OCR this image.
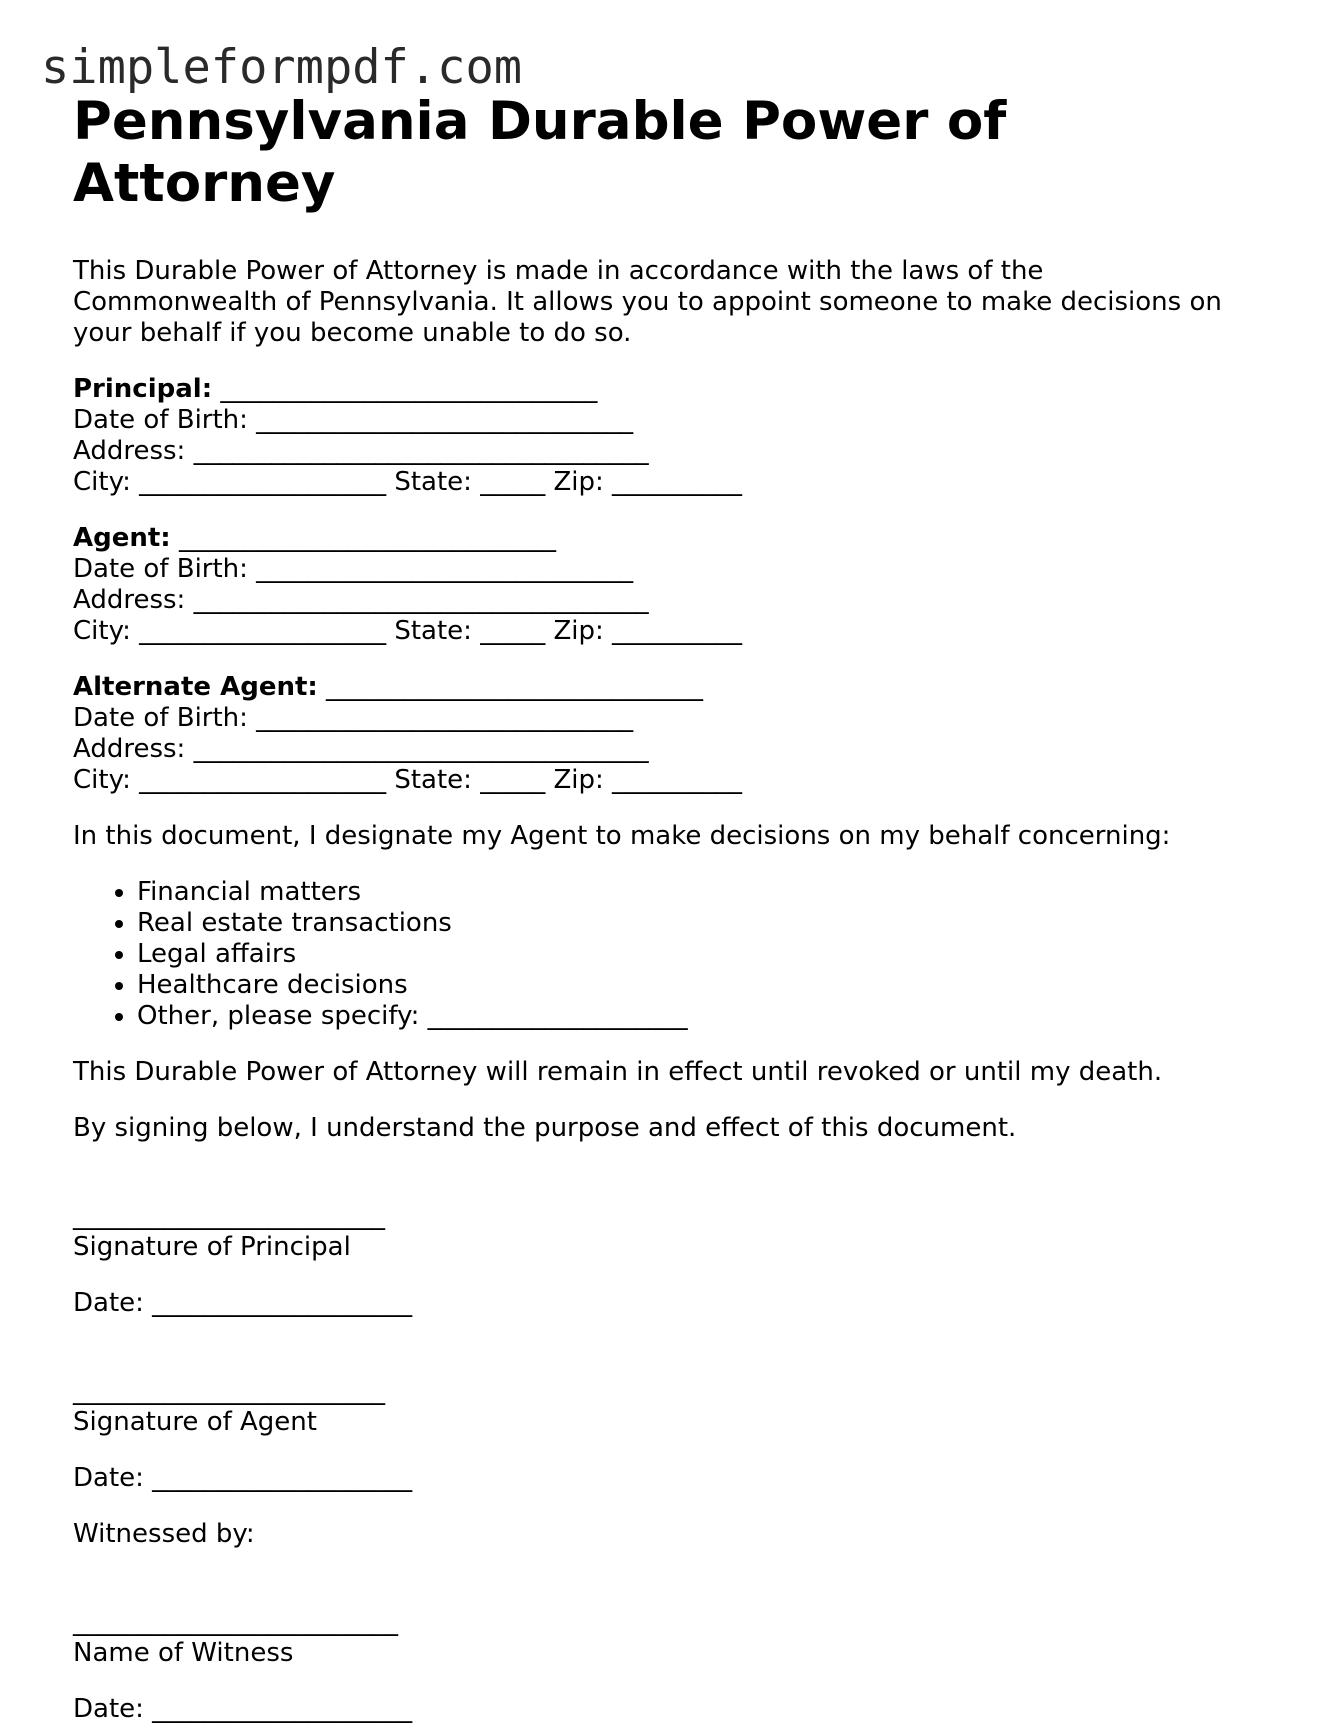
simpleformpdf.com
Pennsylvania Durable Power of
Attorney
This Durable Power of Attorney is made in accordance with the laws of the
Commonwealth of Pennsylvania. It allows you to appoint someone to make decisions on
your behalf if you become unable to do so.
Principal: _____________________________
Date of Birth: _____________________________
Address: ___________________________________
City: ___________________ State: _____ Zip: __________
Agent: _____________________________
Date of Birth: _____________________________
Address: ___________________________________
City: ___________________ State: _____ Zip: __________
Alternate Agent: _____________________________
Date of Birth: _____________________________
Address: ___________________________________
City: ___________________ State: _____ Zip: __________

In this document, I designate my Agent to make decisions on my behalf concerning:

• Financial matters
• Real estate transactions
• Legal affairs
• Healthcare decisions
• Other, please specify: ____________________

This Durable Power of Attorney will remain in effect until revoked or until my death.

By signing below, I understand the purpose and effect of this document.

________________________
Signature of Principal
Date: ____________________
________________________
Signature of Agent
Date: ____________________
Witnessed by:
_________________________
Name of Witness
Date: ____________________
